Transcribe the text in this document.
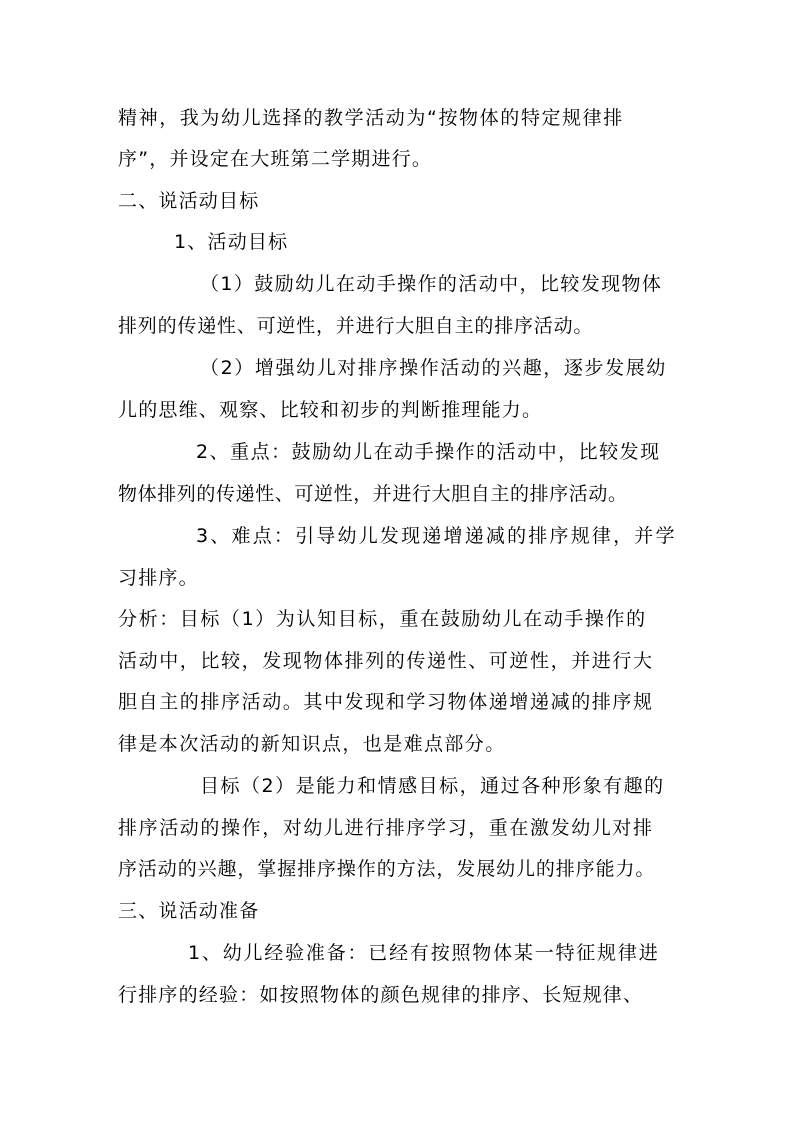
精神，我为幼儿选择的教学活动为“按物体的特定规律排
序”，并设定在大班第二学期进行。
二、说活动目标
1、活动目标
（1）鼓励幼儿在动手操作的活动中，比较发现物体
排列的传递性、可逆性，并进行大胆自主的排序活动。
（2）增强幼儿对排序操作活动的兴趣，逐步发展幼
儿的思维、观察、比较和初步的判断推理能力。
2、重点：鼓励幼儿在动手操作的活动中，比较发现
物体排列的传递性、可逆性，并进行大胆自主的排序活动。
3、难点：引导幼儿发现递增递减的排序规律，并学
习排序。
分析：目标（1）为认知目标，重在鼓励幼儿在动手操作的
活动中，比较，发现物体排列的传递性、可逆性，并进行大
胆自主的排序活动。其中发现和学习物体递增递减的排序规
律是本次活动的新知识点，也是难点部分。
目标（2）是能力和情感目标，通过各种形象有趣的
排序活动的操作，对幼儿进行排序学习，重在激发幼儿对排
序活动的兴趣，掌握排序操作的方法，发展幼儿的排序能力。
三、说活动准备
1、幼儿经验准备：已经有按照物体某一特征规律进
行排序的经验：如按照物体的颜色规律的排序、长短规律、
